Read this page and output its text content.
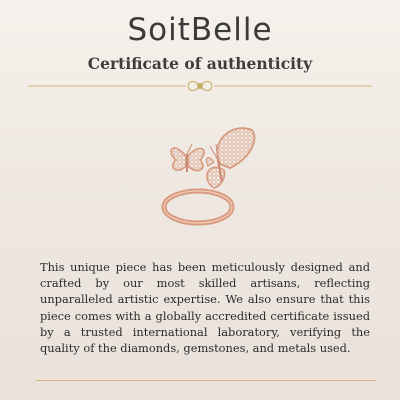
SoitBelle
Certificate of authenticity

This unique piece has been meticulously designed and crafted by our most skilled artisans, reflecting unparalleled artistic expertise. We also ensure that this piece comes with a globally accredited certificate issued by a trusted international laboratory, verifying the quality of the diamonds, gemstones, and metals used.
